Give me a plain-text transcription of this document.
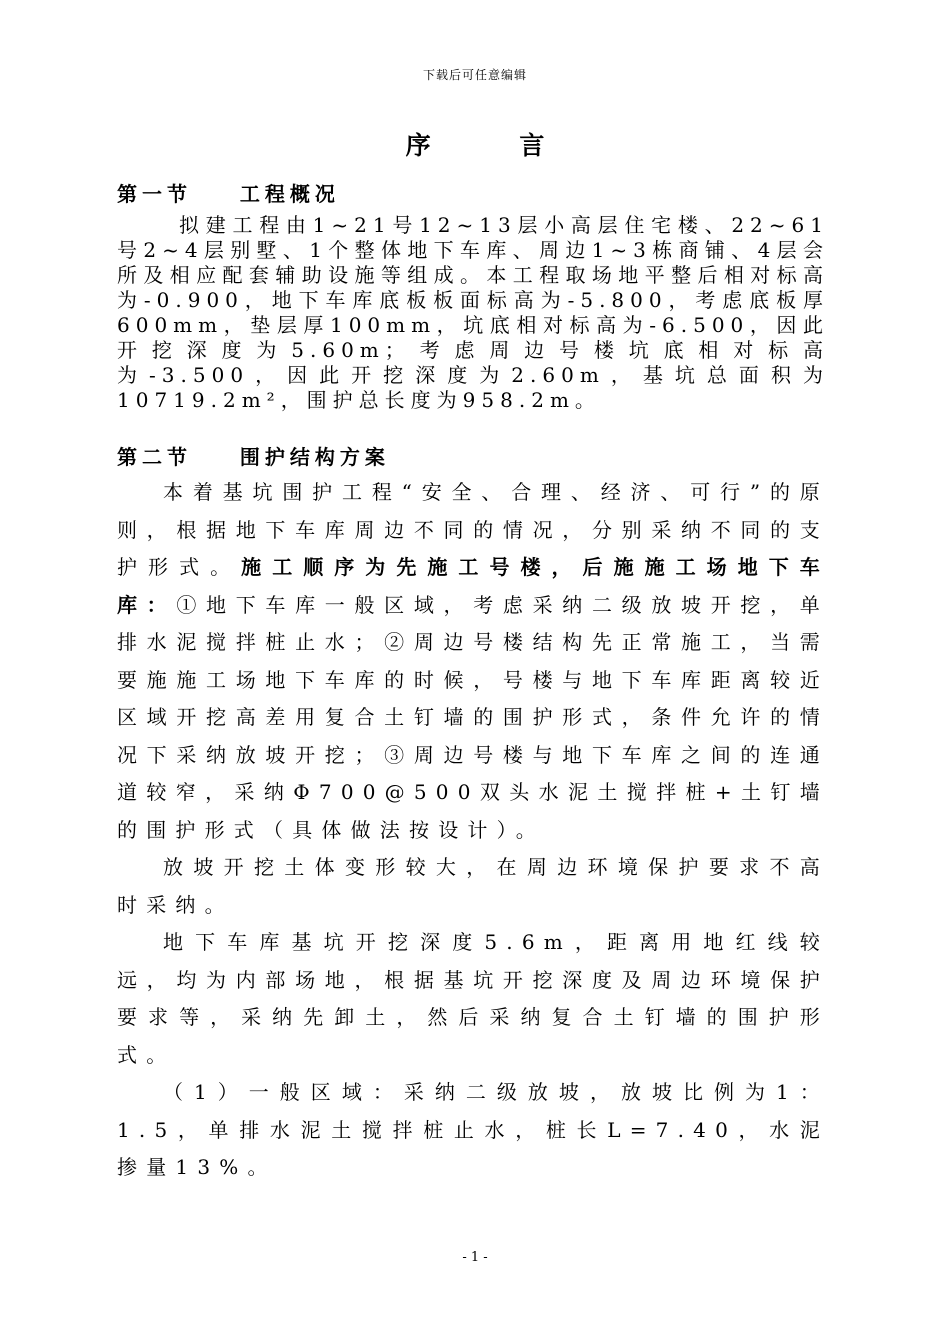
下载后可任意编辑
序 言
第一节    工程概况

拟建工程由1~21号12~13层小高层住宅楼、22~61号2~4层别墅、1个整体地下车库、周边1~3栋商铺、4层会所及相应配套辅助设施等组成。本工程取场地平整后相对标高为-0.900，地下车库底板板面标高为-5.800，考虑底板厚600mm，垫层厚100mm，坑底相对标高为-6.500，因此开挖深度为5.60m；考虑周边号楼坑底相对标高为-3.500，因此开挖深度为2.60m，基坑总面积为10719.2m²，围护总长度为958.2m。

第二节    围护结构方案

本着基坑围护工程“安全、合理、经济、可行”的原则，根据地下车库周边不同的情况，分别采纳不同的支护形式。施工顺序为先施工号楼，后施施工场地下车库：①地下车库一般区域，考虑采纳二级放坡开挖，单排水泥搅拌桩止水；②周边号楼结构先正常施工，当需要施施工场地下车库的时候，号楼与地下车库距离较近区域开挖高差用复合土钉墙的围护形式，条件允许的情况下采纳放坡开挖；③周边号楼与地下车库之间的连通道较窄，采纳Φ700@500双头水泥土搅拌桩+土钉墙的围护形式（具体做法按设计）。

放坡开挖土体变形较大，在周边环境保护要求不高时采纳。

地下车库基坑开挖深度5.6m，距离用地红线较远，均为内部场地，根据基坑开挖深度及周边环境保护要求等，采纳先卸土，然后采纳复合土钉墙的围护形式。

（1）一般区域：采纳二级放坡，放坡比例为1：1.5，单排水泥土搅拌桩止水，桩长L=7.40，水泥掺量13%。

- 1 -
